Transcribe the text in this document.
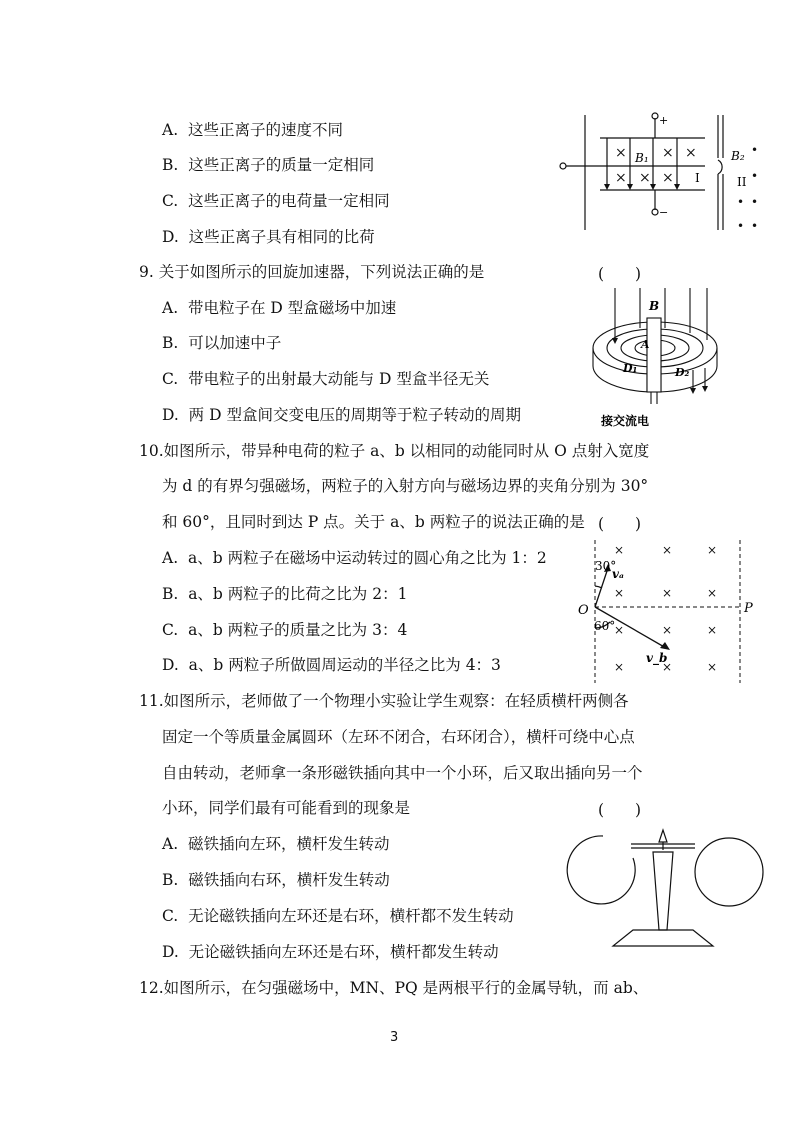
A. 这些正离子的速度不同
B. 这些正离子的质量一定相同
C. 这些正离子的电荷量一定相同
D. 这些正离子具有相同的比荷
×	× ×
× × ×
+
−
B₁	B₂
I	II
•
•
• •
• •
9. 关于如图所示的回旋加速器，下列说法正确的是	(　　)
A. 带电粒子在 D 型盒磁场中加速
B. 可以加速中子
C. 带电粒子的出射最大动能与 D 型盒半径无关
D. 两 D 型盒间交变电压的周期等于粒子转动的周期
B
A
D₁	D₂
接交流电
10.如图所示，带异种电荷的粒子 a、b 以相同的动能同时从 O 点射入宽度
为 d 的有界匀强磁场，两粒子的入射方向与磁场边界的夹角分别为 30°
和 60°，且同时到达 P 点。关于 a、b 两粒子的说法正确的是 (　　)
A. a、b 两粒子在磁场中运动转过的圆心角之比为 1：2
B. a、b 两粒子的比荷之比为 2：1
C. a、b 两粒子的质量之比为 3：4
D. a、b 两粒子所做圆周运动的半径之比为 4：3
×	×	×
×	×	×
×	×	×
×	×	×
O	P
30°
60°
vₐ
v_b
11.如图所示，老师做了一个物理小实验让学生观察：在轻质横杆两侧各
固定一个等质量金属圆环（左环不闭合，右环闭合），横杆可绕中心点
自由转动，老师拿一条形磁铁插向其中一个小环，后又取出插向另一个
小环，同学们最有可能看到的现象是	(　　)
A. 磁铁插向左环，横杆发生转动
B. 磁铁插向右环，横杆发生转动
C. 无论磁铁插向左环还是右环，横杆都不发生转动
D. 无论磁铁插向左环还是右环，横杆都发生转动
12.如图所示，在匀强磁场中，MN、PQ 是两根平行的金属导轨，而 ab、
3
